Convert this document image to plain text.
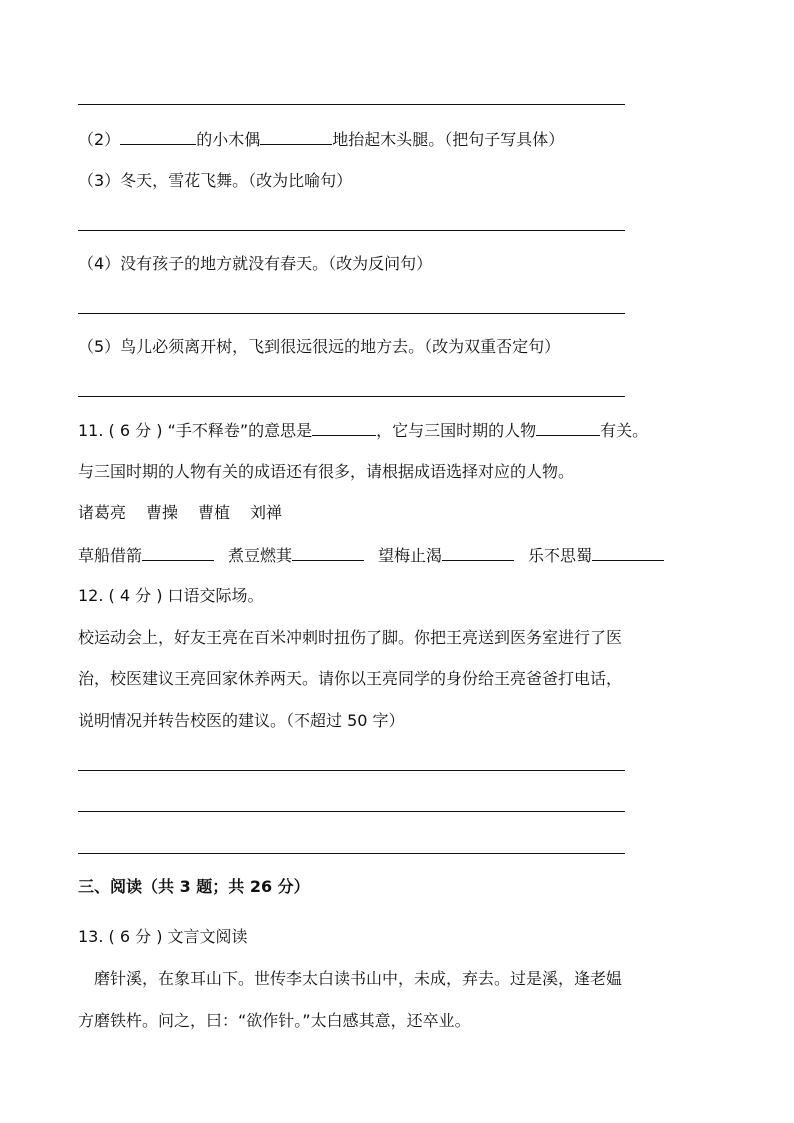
（2）	的小木偶	地抬起木头腿。（把句子写具体）
（3）冬天，雪花飞舞。（改为比喻句）
（4）没有孩子的地方就没有春天。（改为反问句）
（5）鸟儿必须离开树，飞到很远很远的地方去。（改为双重否定句）
11. ( 6 分 ) “手不释卷”的意思是	，它与三国时期的人物	有关。
与三国时期的人物有关的成语还有很多，请根据成语选择对应的人物。
诸葛亮 曹操 曹植 刘禅
草船借箭	煮豆燃萁	望梅止渴	乐不思蜀
12. ( 4 分 ) 口语交际场。
校运动会上，好友王亮在百米冲刺时扭伤了脚。你把王亮送到医务室进行了医
治，校医建议王亮回家休养两天。请你以王亮同学的身份给王亮爸爸打电话，
说明情况并转告校医的建议。（不超过 50 字）
三、阅读（共 3 题；共 26 分）
13. ( 6 分 ) 文言文阅读
磨针溪，在象耳山下。世传李太白读书山中，未成，弃去。过是溪，逢老媪
方磨铁杵。问之，曰：“欲作针。”太白感其意，还卒业。
